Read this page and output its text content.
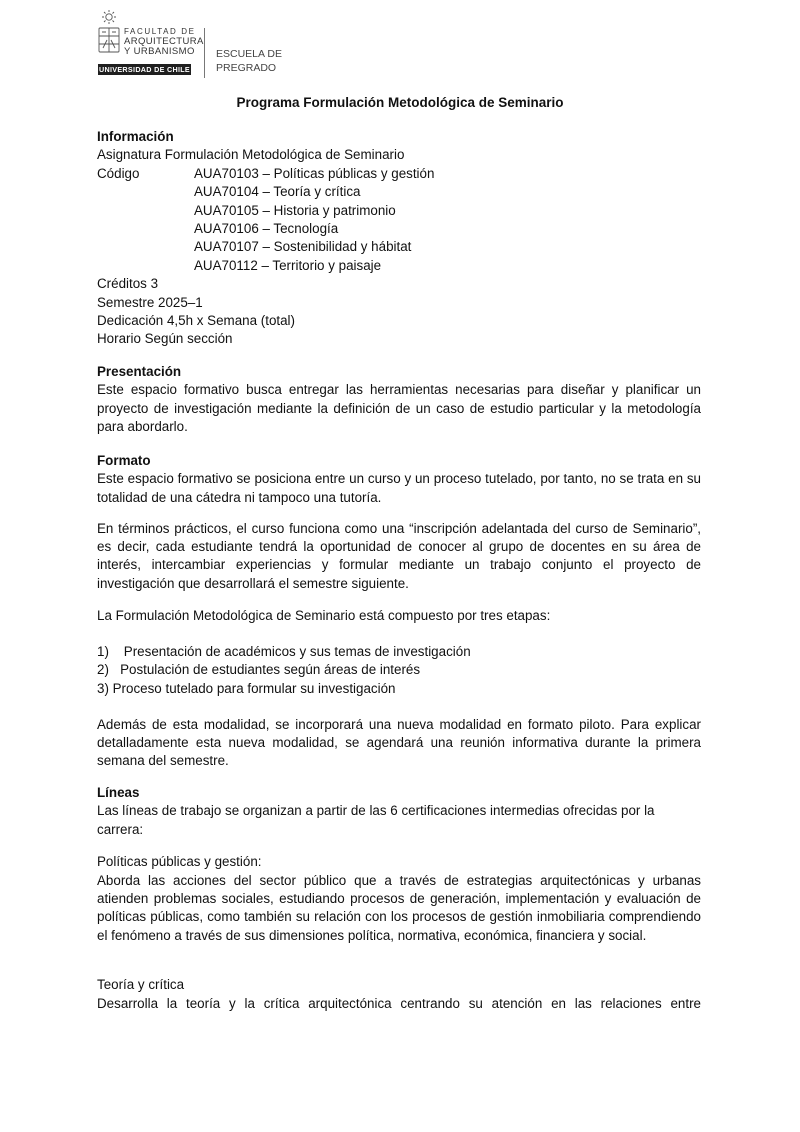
FACULTAD DE
ARQUITECTURA
Y URBANISMO
UNIVERSIDAD DE CHILE
ESCUELA DE
PREGRADO
Programa Formulación Metodológica de Seminario
Información
Asignatura Formulación Metodológica de Seminario
Código	AUA70103 – Políticas públicas y gestión
AUA70104 – Teoría y crítica
AUA70105 – Historia y patrimonio
AUA70106 – Tecnología
AUA70107 – Sostenibilidad y hábitat
AUA70112 – Territorio y paisaje
Créditos 3
Semestre 2025–1
Dedicación 4,5h x Semana (total)
Horario Según sección
Presentación
Este espacio formativo busca entregar las herramientas necesarias para diseñar y planificar un proyecto de investigación mediante la definición de un caso de estudio particular y la metodología para abordarlo.
Formato
Este espacio formativo se posiciona entre un curso y un proceso tutelado, por tanto, no se trata en su totalidad de una cátedra ni tampoco una tutoría.
En términos prácticos, el curso funciona como una “inscripción adelantada del curso de Seminario”, es decir, cada estudiante tendrá la oportunidad de conocer al grupo de docentes en su área de interés, intercambiar experiencias y formular mediante un trabajo conjunto el proyecto de investigación que desarrollará el semestre siguiente.
La Formulación Metodológica de Seminario está compuesto por tres etapas:
1)    Presentación de académicos y sus temas de investigación
2)   Postulación de estudiantes según áreas de interés
3) Proceso tutelado para formular su investigación
Además de esta modalidad, se incorporará una nueva modalidad en formato piloto. Para explicar detalladamente esta nueva modalidad, se agendará una reunión informativa durante la primera semana del semestre.
Líneas
Las líneas de trabajo se organizan a partir de las 6 certificaciones intermedias ofrecidas por la
carrera:
Políticas públicas y gestión:
Aborda las acciones del sector público que a través de estrategias arquitectónicas y urbanas atienden problemas sociales, estudiando procesos de generación, implementación y evaluación de políticas públicas, como también su relación con los procesos de gestión inmobiliaria comprendiendo el fenómeno a través de sus dimensiones política, normativa, económica, financiera y social.
Teoría y crítica
Desarrolla la teoría y la crítica arquitectónica centrando su atención en las relaciones entre
